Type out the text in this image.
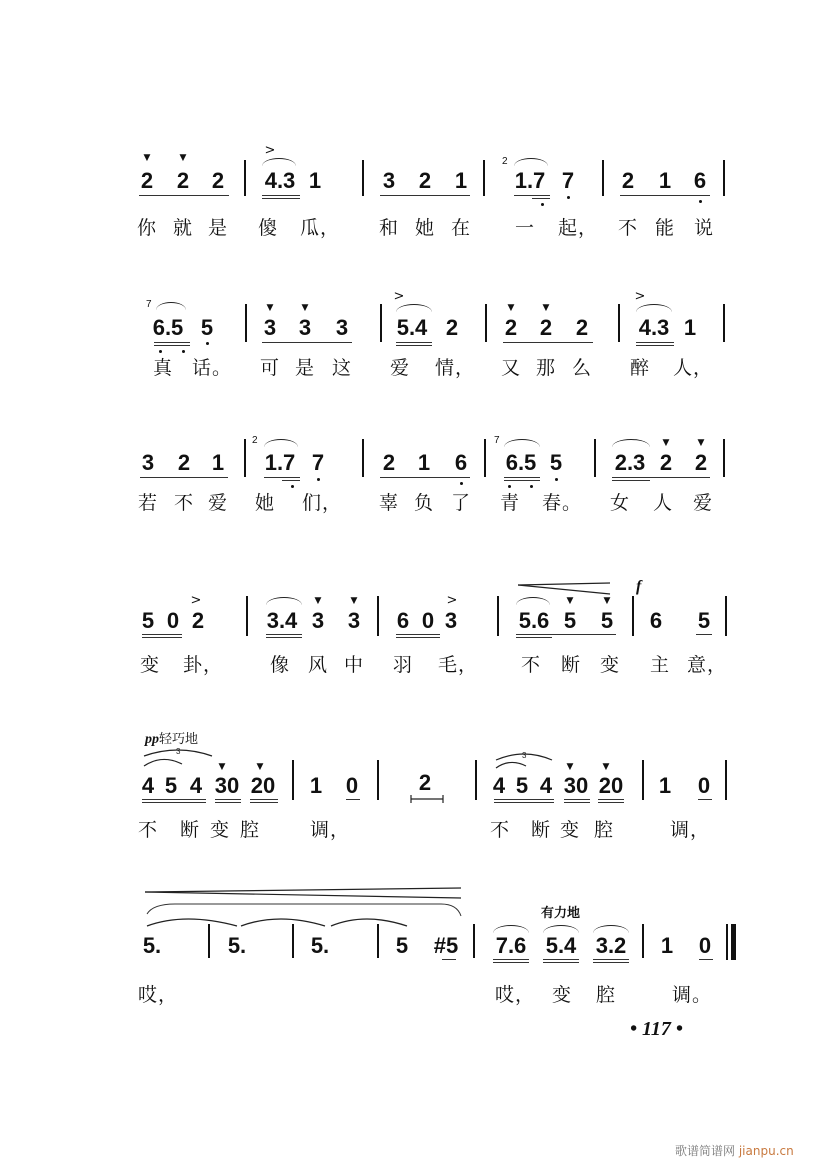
▼	▼
2 2 2
>
4.3 1	3 2 1
2
1.7 7 2 1 6
你 就 是 傻 瓜， 和 她 在 一 起， 不 能 说
7
6.5 5
▼	▼
3 3 3
>
5.4 2
▼	▼
2 2 2
>
4.3 1
真 话。 可 是 这 爱 情， 又 那 么 醉 人，
3 2 1
2
1.7 7	2 1 6
7
6.5 5
▼	▼
2.3 2 2
若 不 爱 她 们， 辜 负 了 青 春。 女 人 爱
>
5 0 2
▼	▼
3.4 3 3
>
6 0 3
▼	▼
5.6 5 5
f
6 5
变 卦， 像 风 中 羽 毛， 不 断 变 主 意，
pp轻巧地
3
▼	▼
4 5 4 30 20 1 0	2
3
▼	▼
4 5 4 30 20 1 0
不 断 变 腔	调，	不 断 变 腔	调，
5.	5.	5.	5 #5
有力地
7.6 5.4 3.2 1 0
哎，	哎， 变 腔	调。
• 117 •
歌谱简谱网 jianpu.cn
